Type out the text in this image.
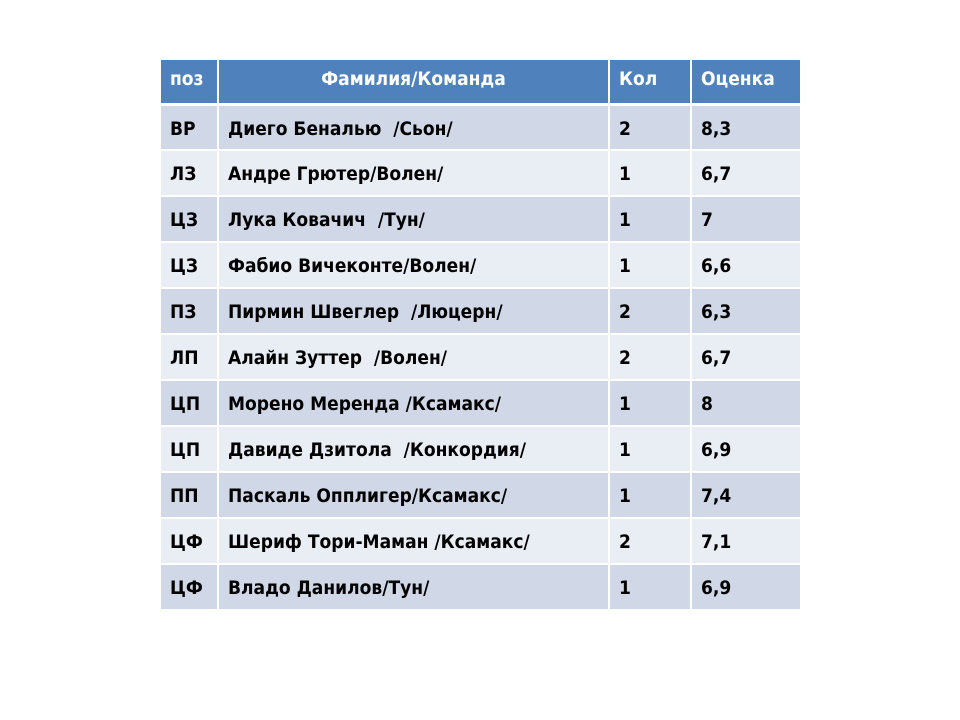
поз	Фамилия/Команда	Кол	Оценка
ВР	Диего Беналью  /Сьон/	2	8,3
ЛЗ	Андре Грютер/Волен/	1	6,7
ЦЗ	Лука Ковачич  /Тун/	1	7
ЦЗ	Фабио Вичеконте/Волен/	1	6,6
ПЗ	Пирмин Швеглер  /Люцерн/	2	6,3
ЛП	Алайн Зуттер  /Волен/	2	6,7
ЦП	Морено Меренда /Ксамакс/	1	8
ЦП	Давиде Дзитола  /Конкордия/	1	6,9
ПП	Паскаль Опплигер/Ксамакс/	1	7,4
ЦФ	Шериф Тори-Маман /Ксамакс/	2	7,1
ЦФ	Владо Данилов/Тун/	1	6,9
